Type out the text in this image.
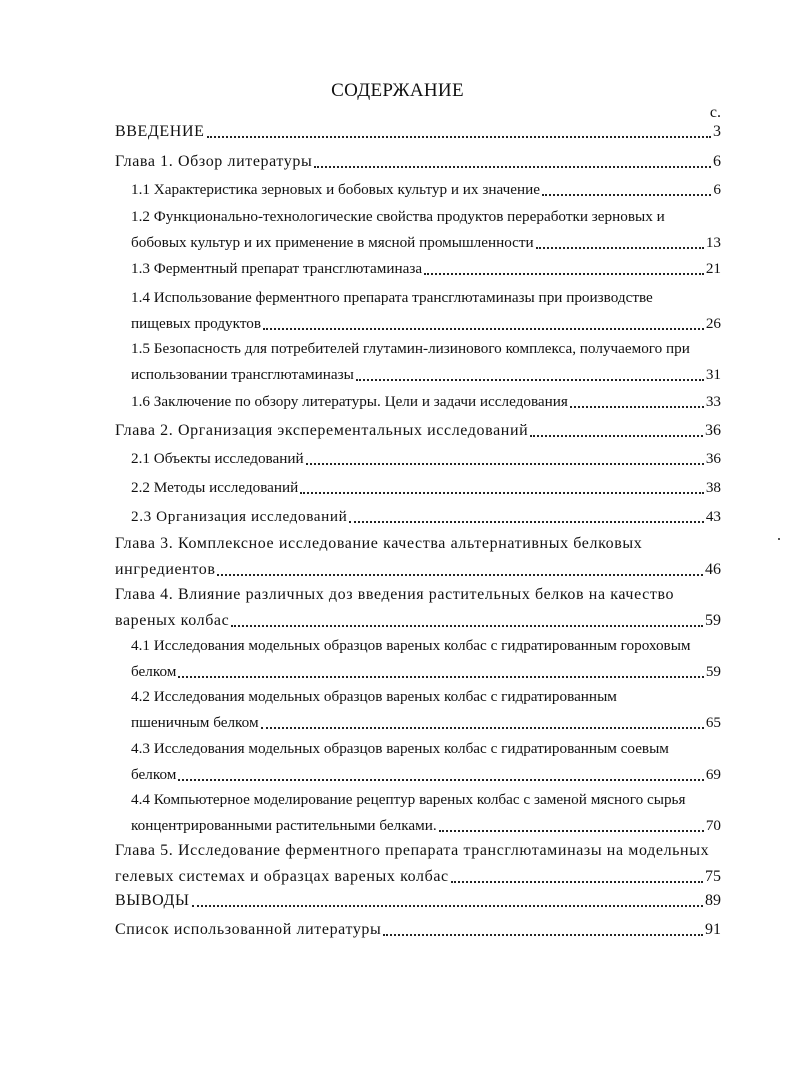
СОДЕРЖАНИЕ
с.
ВВЕДЕНИЕ	3
Глава 1. Обзор литературы	6
1.1 Характеристика зерновых и бобовых культур и их значение	6
1.2 Функционально-технологические свойства продуктов переработки зерновых и
бобовых культур и их применение в мясной промышленности	13
1.3 Ферментный препарат трансглютаминаза	21
1.4 Использование ферментного препарата трансглютаминазы при производстве
пищевых продуктов	26
1.5 Безопасность для потребителей глутамин-лизинового комплекса, получаемого при
использовании трансглютаминазы	31
1.6 Заключение по обзору литературы. Цели и задачи исследования	33
Глава 2. Организация эксперементальных исследований	36
2.1 Объекты исследований	36
2.2 Методы исследований	38
2.3 Организация исследований	43
Глава 3. Комплексное исследование качества альтернативных белковых
ингредиентов	46
Глава 4. Влияние различных доз введения растительных белков на качество
вареных колбас	59
4.1 Исследования модельных образцов вареных колбас с гидратированным гороховым
белком	59
4.2 Исследования модельных образцов вареных колбас с гидратированным
пшеничным белком	65
4.3 Исследования модельных образцов вареных колбас с гидратированным соевым
белком	69
4.4 Компьютерное моделирование рецептур вареных колбас с заменой мясного сырья
концентрированными растительными белками.	70
Глава 5. Исследование ферментного препарата трансглютаминазы на модельных
гелевых системах и образцах вареных колбас	75
ВЫВОДЫ	89
Список использованной литературы	91
